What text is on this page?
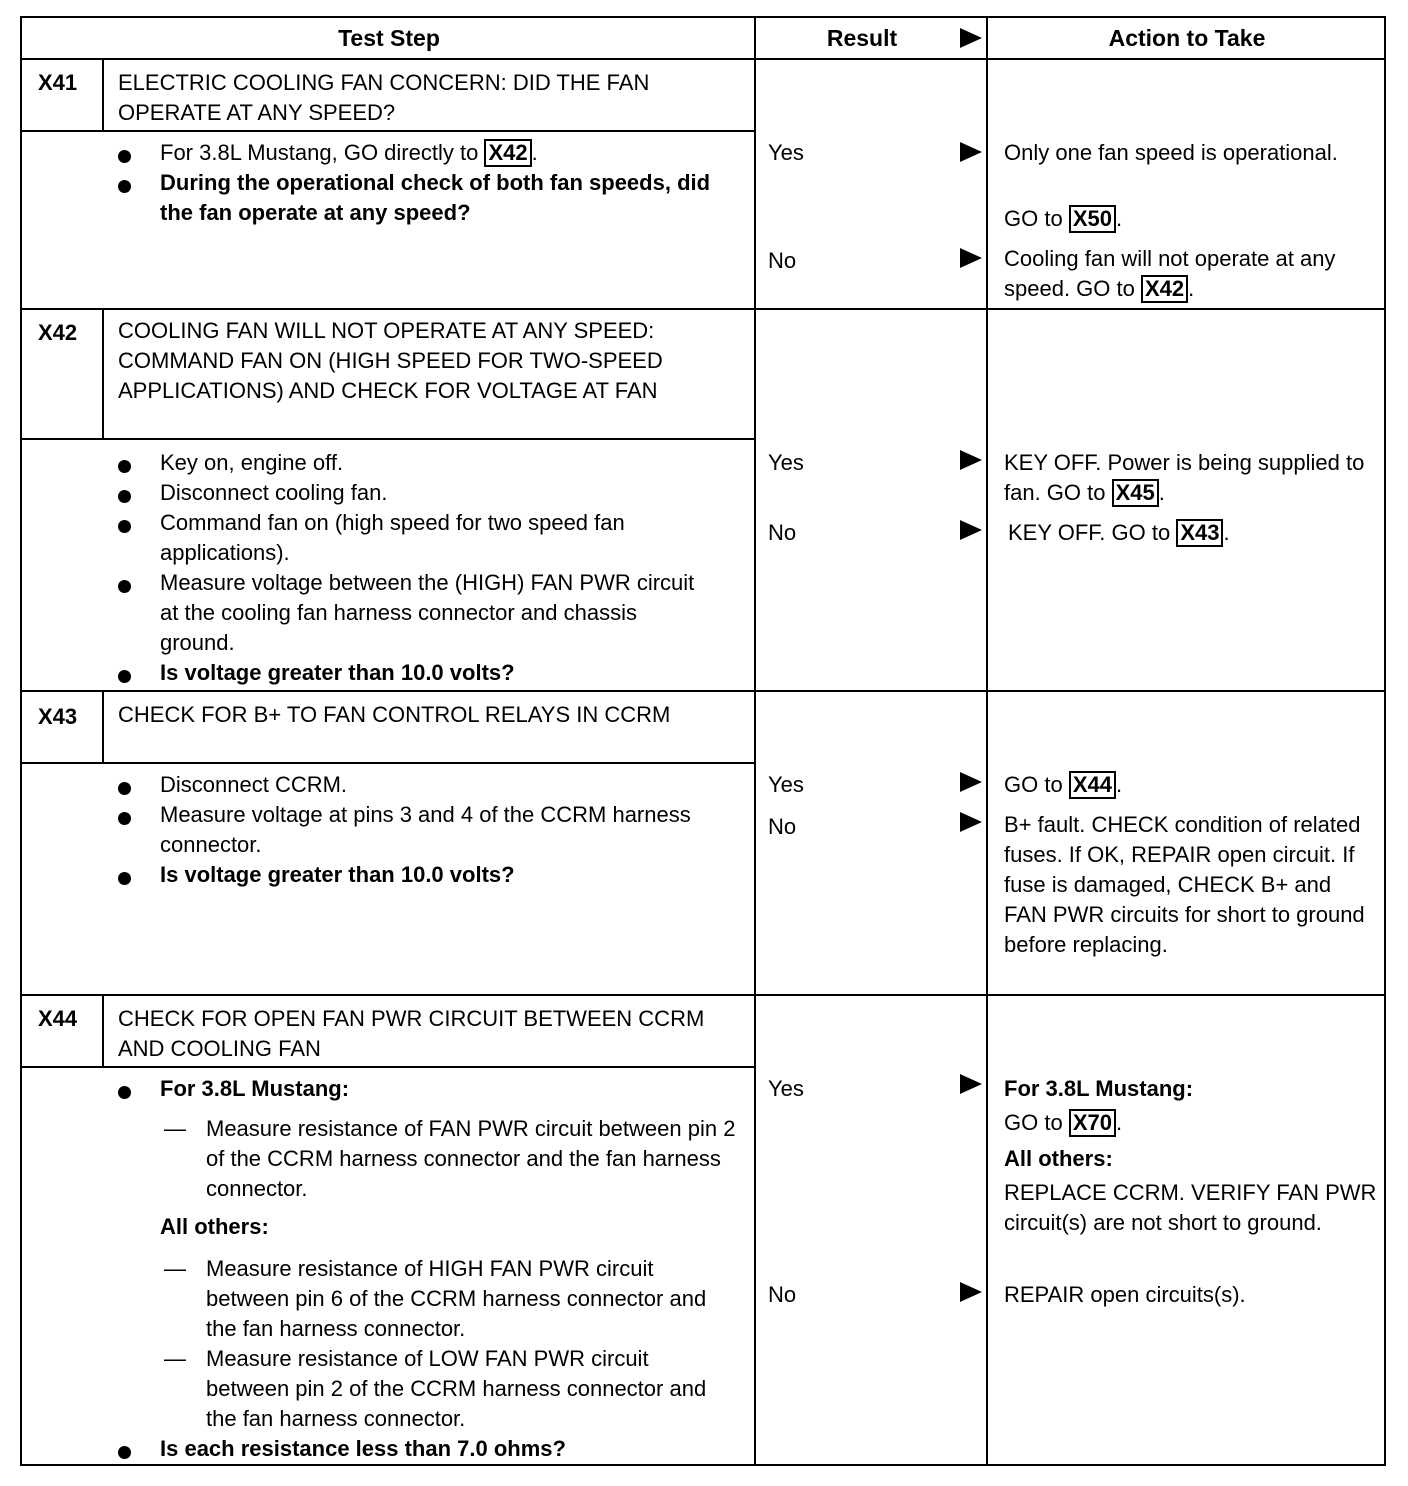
Test Step	Result	Action to Take
X41 ELECTRIC COOLING FAN CONCERN: DID THE FAN OPERATE AT ANY SPEED?
For 3.8L Mustang, GO directly to X42 .
During the operational check of both fan speeds, did the fan operate at any speed?
Yes	Only one fan speed is operational.
GO to X50 .
No	Cooling fan will not operate at any speed. GO to X42 .
X42 COOLING FAN WILL NOT OPERATE AT ANY SPEED: COMMAND FAN ON (HIGH SPEED FOR TWO-SPEED APPLICATIONS) AND CHECK FOR VOLTAGE AT FAN
Key on, engine off.
Disconnect cooling fan.
Command fan on (high speed for two speed fan applications).
Measure voltage between the (HIGH) FAN PWR circuit at the cooling fan harness connector and chassis ground.
Is voltage greater than 10.0 volts?
Yes	KEY OFF. Power is being supplied to fan. GO to X45 .
No	KEY OFF. GO to X43 .
X43 CHECK FOR B+ TO FAN CONTROL RELAYS IN CCRM
Disconnect CCRM.
Measure voltage at pins 3 and 4 of the CCRM harness connector.
Is voltage greater than 10.0 volts?
Yes	GO to X44 .
No	B+ fault. CHECK condition of related fuses. If OK, REPAIR open circuit. If fuse is damaged, CHECK B+ and FAN PWR circuits for short to ground before replacing.
X44 CHECK FOR OPEN FAN PWR CIRCUIT BETWEEN CCRM AND COOLING FAN
For 3.8L Mustang:
— Measure resistance of FAN PWR circuit between pin 2 of the CCRM harness connector and the fan harness connector.
All others:
— Measure resistance of HIGH FAN PWR circuit between pin 6 of the CCRM harness connector and the fan harness connector.
— Measure resistance of LOW FAN PWR circuit between pin 2 of the CCRM harness connector and the fan harness connector.
Is each resistance less than 7.0 ohms?
Yes	For 3.8L Mustang:
GO to X70 .
All others:
REPLACE CCRM. VERIFY FAN PWR circuit(s) are not short to ground.
No	REPAIR open circuits(s).
